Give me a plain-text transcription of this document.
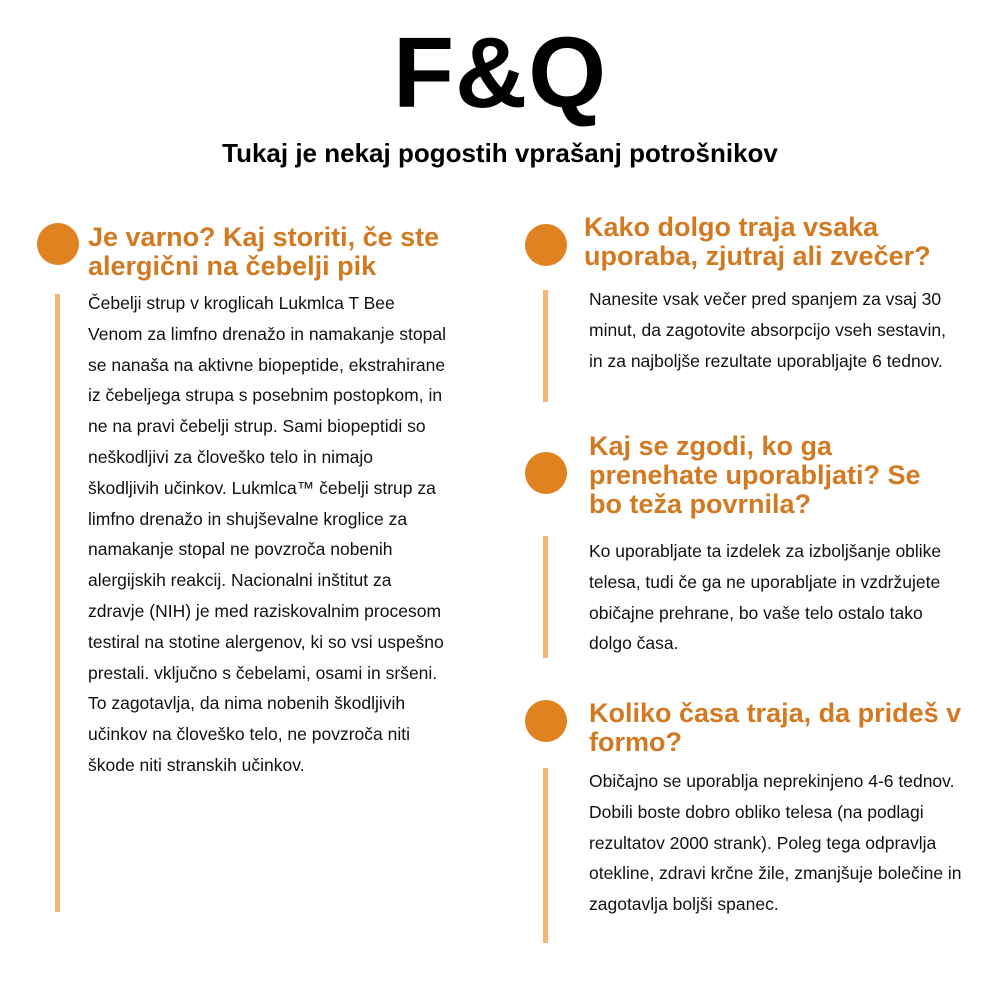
F&Q
Tukaj je nekaj pogostih vprašanj potrošnikov
Je varno? Kaj storiti, če ste alergični na čebelji pik

Čebelji strup v kroglicah Lukmlca T Bee Venom za limfno drenažo in namakanje stopal se nanaša na aktivne biopeptide, ekstrahirane iz čebeljega strupa s posebnim postopkom, in ne na pravi čebelji strup. Sami biopeptidi so neškodljivi za človeško telo in nimajo škodljivih učinkov. Lukmlca™ čebelji strup za limfno drenažo in shujševalne kroglice za namakanje stopal ne povzroča nobenih alergijskih reakcij. Nacionalni inštitut za zdravje (NIH) je med raziskovalnim procesom testiral na stotine alergenov, ki so vsi uspešno prestali. vključno s čebelami, osami in sršeni. To zagotavlja, da nima nobenih škodljivih učinkov na človeško telo, ne povzroča niti škode niti stranskih učinkov.

Kako dolgo traja vsaka uporaba, zjutraj ali zvečer?

Nanesite vsak večer pred spanjem za vsaj 30 minut, da zagotovite absorpcijo vseh sestavin, in za najboljše rezultate uporabljajte 6 tednov.

Kaj se zgodi, ko ga prenehate uporabljati? Se bo teža povrnila?

Ko uporabljate ta izdelek za izboljšanje oblike telesa, tudi če ga ne uporabljate in vzdržujete običajne prehrane, bo vaše telo ostalo tako dolgo časa.

Koliko časa traja, da prideš v formo?

Običajno se uporablja neprekinjeno 4-6 tednov. Dobili boste dobro obliko telesa (na podlagi rezultatov 2000 strank). Poleg tega odpravlja otekline, zdravi krčne žile, zmanjšuje bolečine in zagotavlja boljši spanec.
